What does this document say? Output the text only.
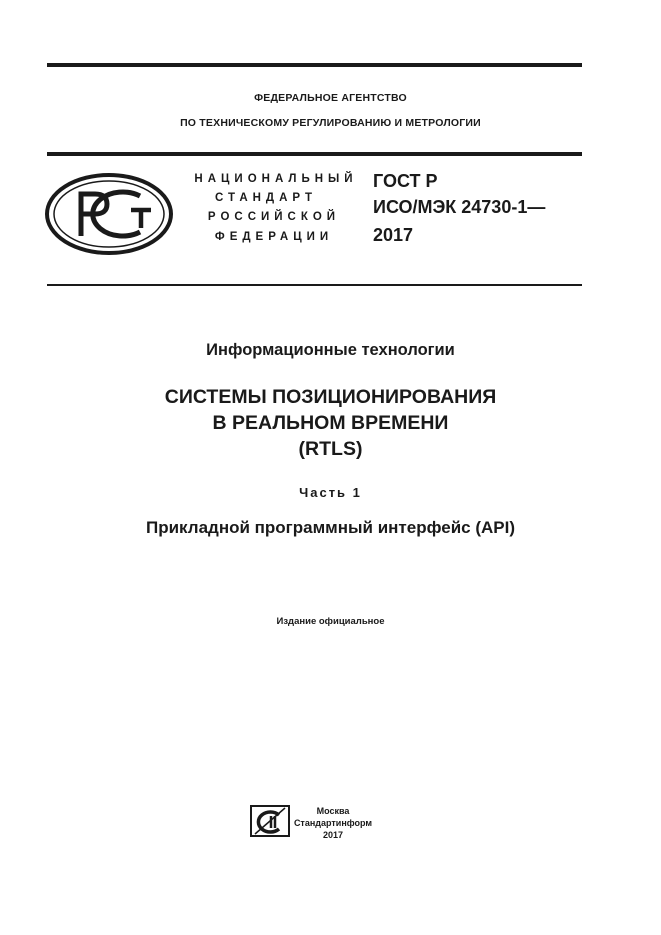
ФЕДЕРАЛЬНОЕ АГЕНТСТВО
ПО ТЕХНИЧЕСКОМУ РЕГУЛИРОВАНИЮ И МЕТРОЛОГИИ
НАЦИОНАЛЬНЫЙ
СТАНДАРТ
РОССИЙСКОЙ
ФЕДЕРАЦИИ
ГОСТ Р
ИСО/МЭК 24730-1—
2017
Информационные технологии
СИСТЕМЫ ПОЗИЦИОНИРОВАНИЯ
В РЕАЛЬНОМ ВРЕМЕНИ
(RTLS)
Часть 1
Прикладной программный интерфейс (API)
Издание официальное
Москва
Стандартинформ
2017
